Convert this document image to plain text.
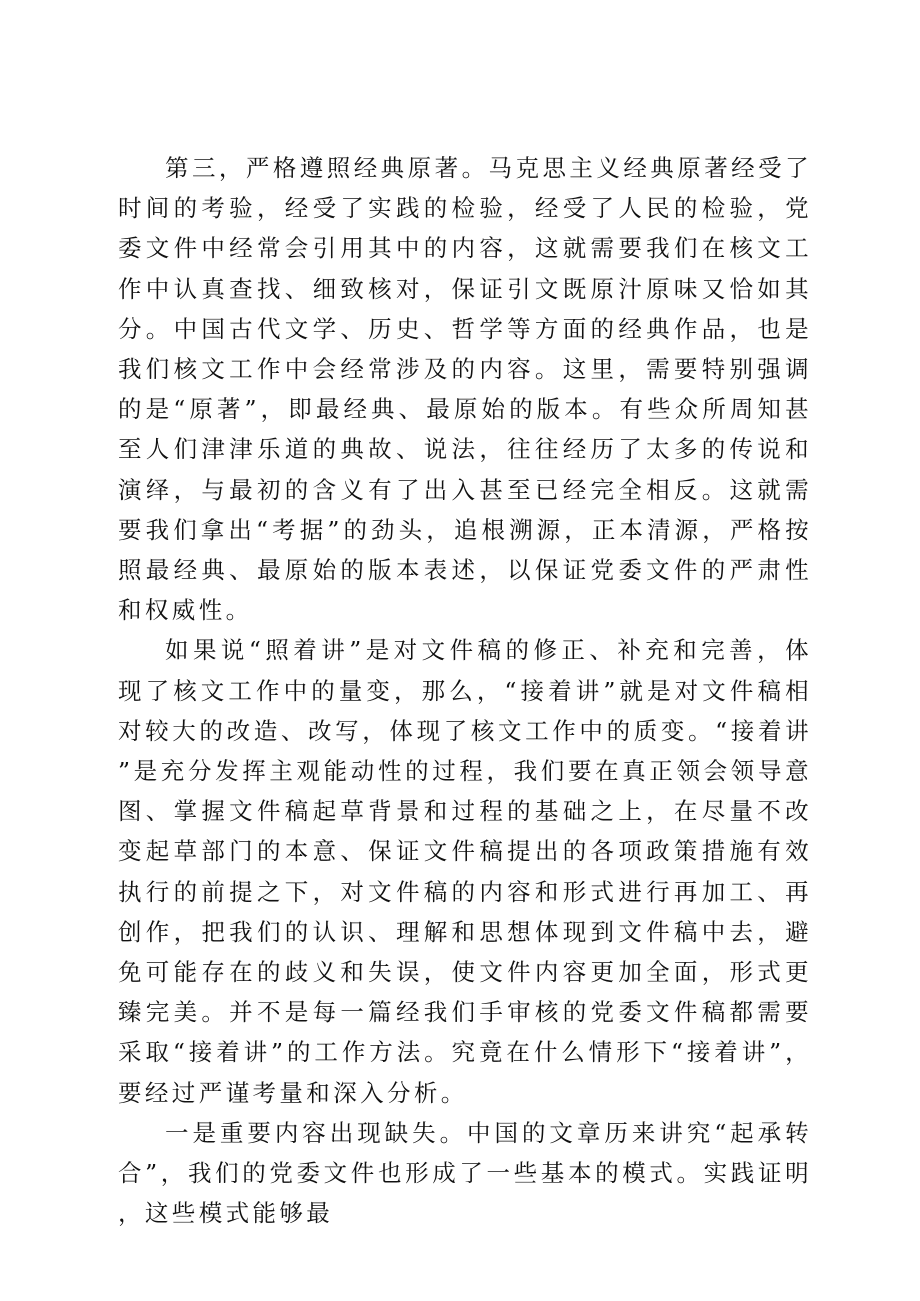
第三，严格遵照经典原著。马克思主义经典原著经受了时间的考验，经受了实践的检验，经受了人民的检验，党委文件中经常会引用其中的内容，这就需要我们在核文工作中认真查找、细致核对，保证引文既原汁原味又恰如其分。中国古代文学、历史、哲学等方面的经典作品，也是我们核文工作中会经常涉及的内容。这里，需要特别强调的是“原著”，即最经典、最原始的版本。有些众所周知甚至人们津津乐道的典故、说法，往往经历了太多的传说和演绎，与最初的含义有了出入甚至已经完全相反。这就需要我们拿出“考据”的劲头，追根溯源，正本清源，严格按照最经典、最原始的版本表述，以保证党委文件的严肃性和权威性。

如果说“照着讲”是对文件稿的修正、补充和完善，体现了核文工作中的量变，那么，“接着讲”就是对文件稿相对较大的改造、改写，体现了核文工作中的质变。“接着讲”是充分发挥主观能动性的过程，我们要在真正领会领导意图、掌握文件稿起草背景和过程的基础之上，在尽量不改变起草部门的本意、保证文件稿提出的各项政策措施有效执行的前提之下，对文件稿的内容和形式进行再加工、再创作，把我们的认识、理解和思想体现到文件稿中去，避免可能存在的歧义和失误，使文件内容更加全面，形式更臻完美。并不是每一篇经我们手审核的党委文件稿都需要采取“接着讲”的工作方法。究竟在什么情形下“接着讲”，要经过严谨考量和深入分析。

一是重要内容出现缺失。中国的文章历来讲究“起承转合”，我们的党委文件也形成了一些基本的模式。实践证明，这些模式能够最
